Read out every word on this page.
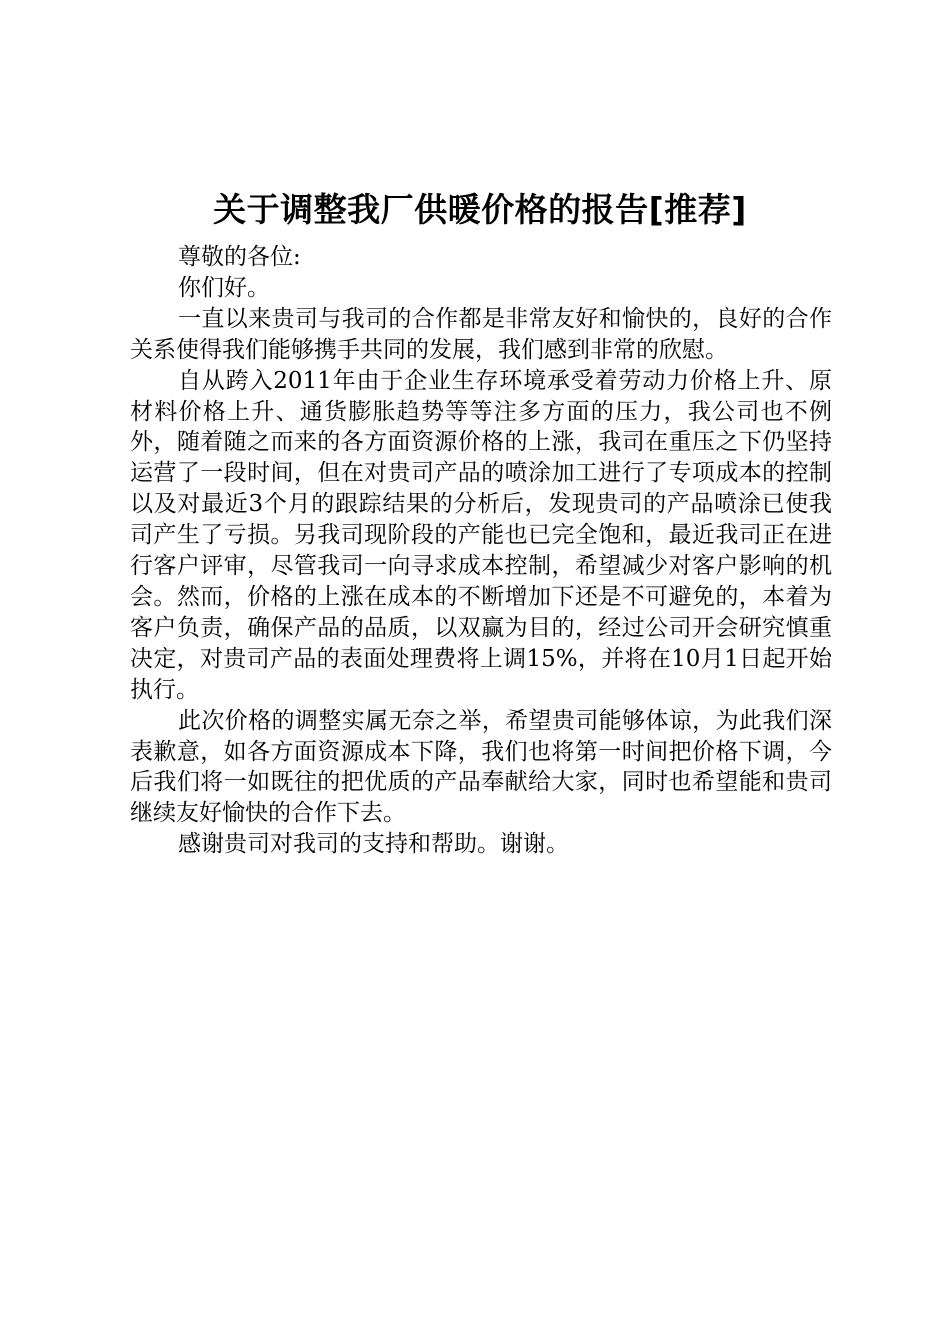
关于调整我厂供暖价格的报告[推荐]

尊敬的各位:

你们好。

一直以来贵司与我司的合作都是非常友好和愉快的，良好的合作关系使得我们能够携手共同的发展，我们感到非常的欣慰。

自从跨入2011年由于企业生存环境承受着劳动力价格上升、原材料价格上升、通货膨胀趋势等等注多方面的压力，我公司也不例外，随着随之而来的各方面资源价格的上涨，我司在重压之下仍坚持运营了一段时间，但在对贵司产品的喷涂加工进行了专项成本的控制以及对最近3个月的跟踪结果的分析后，发现贵司的产品喷涂已使我司产生了亏损。另我司现阶段的产能也已完全饱和，最近我司正在进行客户评审，尽管我司一向寻求成本控制，希望减少对客户影响的机会。然而，价格的上涨在成本的不断增加下还是不可避免的，本着为客户负责，确保产品的品质，以双赢为目的，经过公司开会研究慎重决定，对贵司产品的表面处理费将上调15%，并将在10月1日起开始执行。

此次价格的调整实属无奈之举，希望贵司能够体谅，为此我们深表歉意，如各方面资源成本下降，我们也将第一时间把价格下调，今后我们将一如既往的把优质的产品奉献给大家，同时也希望能和贵司继续友好愉快的合作下去。

感谢贵司对我司的支持和帮助。谢谢。
